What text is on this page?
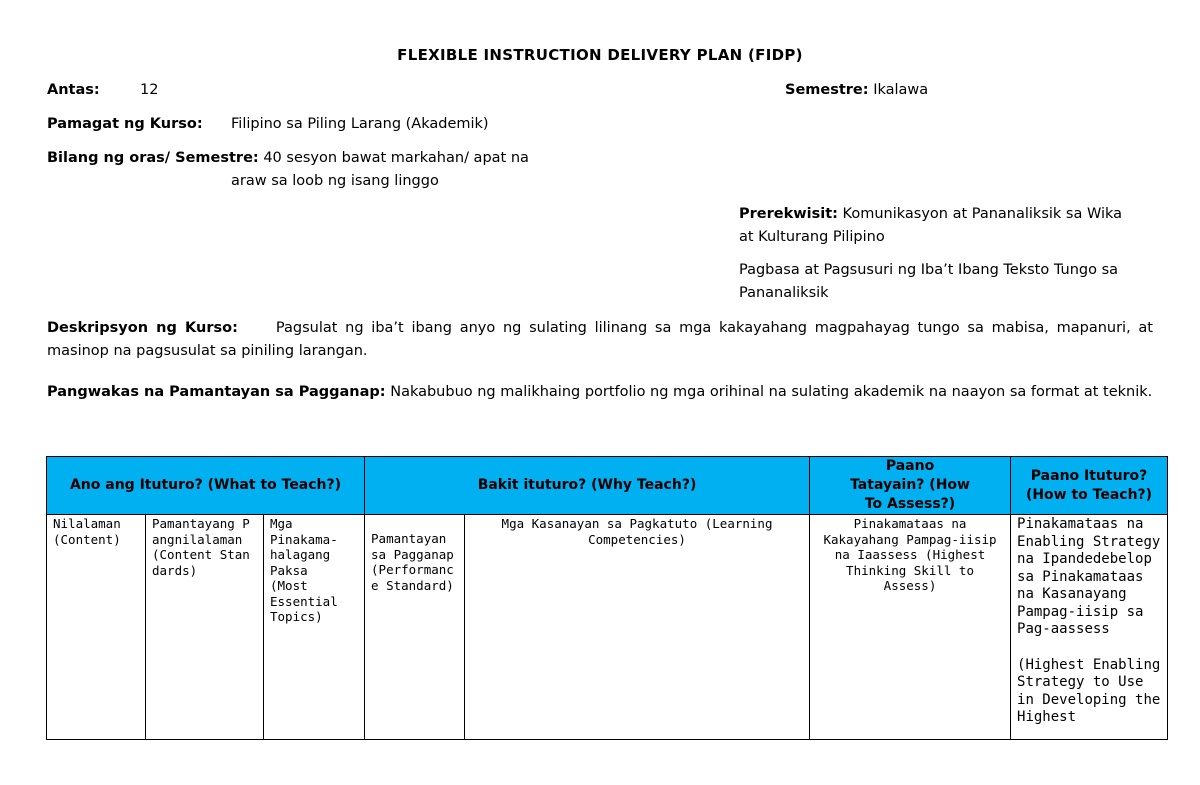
FLEXIBLE INSTRUCTION DELIVERY PLAN (FIDP)
Antas:	12	Semestre: Ikalawa
Pamagat ng Kurso: Filipino sa Piling Larang (Akademik)
Bilang ng oras/ Semestre: 40 sesyon bawat markahan/ apat na
araw sa loob ng isang linggo
Prerekwisit: Komunikasyon at Pananaliksik sa Wika
at Kulturang Pilipino
Pagbasa at Pagsusuri ng Iba’t Ibang Teksto Tungo sa
Pananaliksik
Deskripsyon ng Kurso:	Pagsulat ng iba’t ibang anyo ng sulating lilinang sa mga kakayahang magpahayag tungo sa mabisa, mapanuri, at masinop na pagsusulat sa piniling larangan.
Pangwakas na Pamantayan sa Pagganap: Nakabubuo ng malikhaing portfolio ng mga orihinal na sulating akademik na naayon sa format at teknik.
Ano ang Ituturo? (What to Teach?)			Bakit ituturo? (Why Teach?)		Paano Tatayain? (How To Assess?)	Paano Ituturo? (How to Teach?)

Nilalaman (Content)	Pamantayang Pangnilalaman (Content Standards)	Mga Pinakama-halagang Paksa (Most Essential Topics)	Pamantayan sa Pagganap (Performance Standard)	Mga Kasanayan sa Pagkatuto (Learning Competencies)	Pinakamataas na Kakayahang Pampag-iisip na Iaassess (Highest Thinking Skill to Assess)	Pinakamataas na Enabling Strategy na Ipandedebelop sa Pinakamataas na Kasanayang Pampag-iisip sa Pag-aassess
(Highest Enabling Strategy to Use in Developing the Highest
